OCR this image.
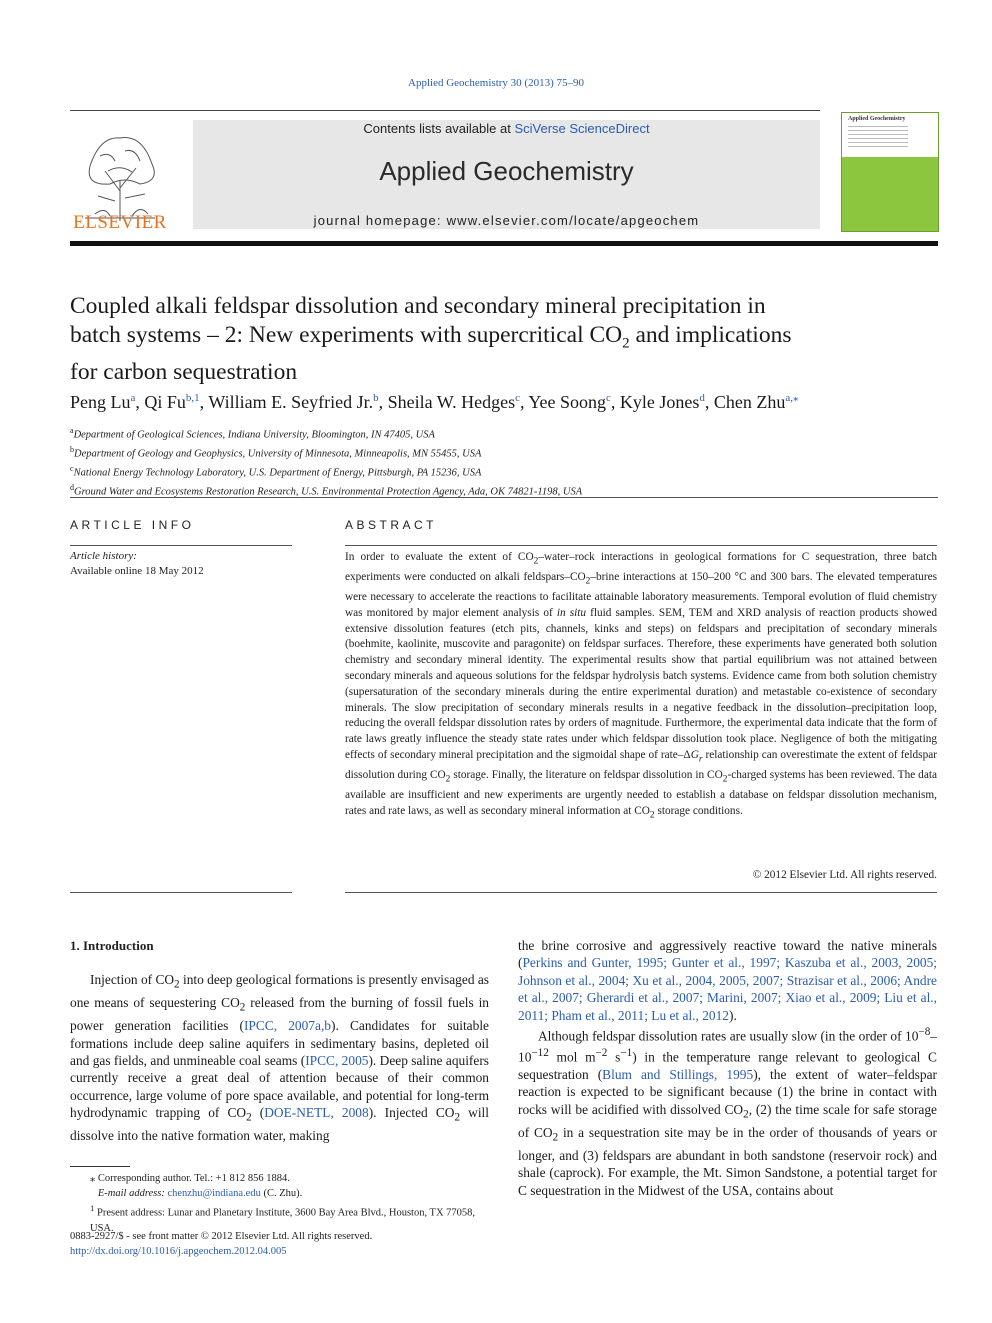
Applied Geochemistry 30 (2013) 75–90
ELSEVIER
Contents lists available at SciVerse ScienceDirect
Applied Geochemistry
journal homepage: www.elsevier.com/locate/apgeochem
Applied Geochemistry
Coupled alkali feldspar dissolution and secondary mineral precipitation in
batch systems – 2: New experiments with supercritical $CO_2$ and implications
for carbon sequestration
Peng Lu$^a$, Qi Fu$^{b,1}$, William E. Seyfried Jr.$^b$, Sheila W. Hedges$^c$, Yee Soong$^c$, Kyle Jones$^d$, Chen Zhu$^{a,⁎}$
$^a$Department of Geological Sciences, Indiana University, Bloomington, IN 47405, USA
$^b$Department of Geology and Geophysics, University of Minnesota, Minneapolis, MN 55455, USA
$^c$National Energy Technology Laboratory, U.S. Department of Energy, Pittsburgh, PA 15236, USA
$^d$Ground Water and Ecosystems Restoration Research, U.S. Environmental Protection Agency, Ada, OK 74821-1198, USA
ARTICLE INFO	ABSTRACT
Article history:
Available online 18 May 2012
In order to evaluate the extent of $CO_2-water$–rock interactions in geological formations for C sequestration, three batch experiments were conducted on alkali feldspars–$CO_2$–brine interactions at 150–200 °C and 300 bars. The elevated temperatures were necessary to accelerate the reactions to facilitate attainable laboratory measurements. Temporal evolution of fluid chemistry was monitored by major element analysis of in situ fluid samples. SEM, TEM and XRD analysis of reaction products showed extensive dissolution features (etch pits, channels, kinks and steps) on feldspars and precipitation of secondary minerals (boehmite, kaolinite, muscovite and paragonite) on feldspar surfaces. Therefore, these experiments have generated both solution chemistry and secondary mineral identity. The experimental results show that partial equilibrium was not attained between secondary minerals and aqueous solutions for the feldspar hydrolysis batch systems. Evidence came from both solution chemistry (supersaturation of the secondary minerals during the entire experimental duration) and metastable co-existence of secondary minerals. The slow precipitation of secondary minerals results in a negative feedback in the dissolution–precipitation loop, reducing the overall feldspar dissolution rates by orders of magnitude. Furthermore, the experimental data indicate that the form of rate laws greatly influence the steady state rates under which feldspar dissolution took place. Negligence of both the mitigating effects of secondary mineral precipitation and the sigmoidal shape of rate–$\Delta G_r$ relationship can overestimate the extent of feldspar dissolution during $CO_2$ storage. Finally, the literature on feldspar dissolution in $CO_2$-charged systems has been reviewed. The data available are insufficient and new experiments are urgently needed to establish a database on feldspar dissolution mechanism, rates and rate laws, as well as secondary mineral information at $CO_2$ storage conditions.
© 2012 Elsevier Ltd. All rights reserved.
1. Introduction

Injection of $CO_2$ into deep geological formations is presently envisaged as one means of sequestering $CO_2$ released from the burning of fossil fuels in power generation facilities (IPCC, 2007a,b). Candidates for suitable formations include deep saline aquifers in sedimentary basins, depleted oil and gas fields, and unmineable coal seams (IPCC, 2005). Deep saline aquifers currently receive a great deal of attention because of their common occurrence, large volume of pore space available, and potential for long-term hydrodynamic trapping of $CO_2$ (DOE-NETL, 2008). Injected $CO_2$ will dissolve into the native formation water, making

the brine corrosive and aggressively reactive toward the native minerals (Perkins and Gunter, 1995; Gunter et al., 1997; Kaszuba et al., 2003, 2005; Johnson et al., 2004; Xu et al., 2004, 2005, 2007; Strazisar et al., 2006; Andre et al., 2007; Gherardi et al., 2007; Marini, 2007; Xiao et al., 2009; Liu et al., 2011; Pham et al., 2011; Lu et al., 2012).

Although feldspar dissolution rates are usually slow (in the order of $10^{-8}-10^{-12}$ mol $m^{-2}$ $s^{-1}$) in the temperature range relevant to geological C sequestration (Blum and Stillings, 1995), the extent of water–feldspar reaction is expected to be significant because (1) the brine in contact with rocks will be acidified with dissolved $CO_2$, (2) the time scale for safe storage of $CO_2$ in a sequestration site may be in the order of thousands of years or longer, and (3) feldspars are abundant in both sandstone (reservoir rock) and shale (caprock). For example, the Mt. Simon Sandstone, a potential target for C sequestration in the Midwest of the USA, contains about

⁎ Corresponding author. Tel.: +1 812 856 1884.
E-mail address: chenzhu@indiana.edu (C. Zhu).
$^1$ Present address: Lunar and Planetary Institute, 3600 Bay Area Blvd., Houston, TX 77058, USA.
0883-2927/$ - see front matter © 2012 Elsevier Ltd. All rights reserved.
http://dx.doi.org/10.1016/j.apgeochem.2012.04.005
